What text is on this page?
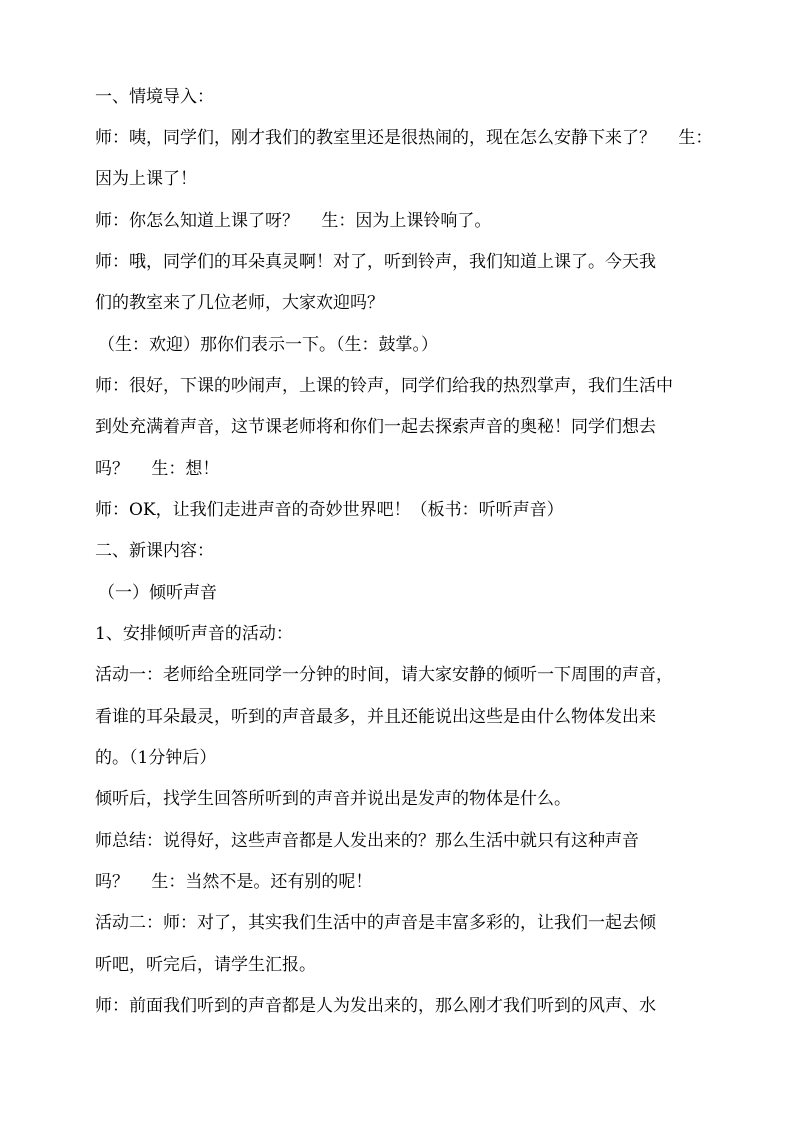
一、情境导入：
师：咦，同学们，刚才我们的教室里还是很热闹的，现在怎么安静下来了？　 生：
因为上课了！
师：你怎么知道上课了呀？　 生：因为上课铃响了。
师：哦，同学们的耳朵真灵啊！对了，听到铃声，我们知道上课了。今天我
们的教室来了几位老师，大家欢迎吗？
（生：欢迎）那你们表示一下。（生：鼓掌。）
师：很好，下课的吵闹声，上课的铃声，同学们给我的热烈掌声，我们生活中
到处充满着声音，这节课老师将和你们一起去探索声音的奥秘！同学们想去
吗？　 生：想！
师：OK，让我们走进声音的奇妙世界吧！（板书：听听声音）
二、新课内容：
（一）倾听声音
1、安排倾听声音的活动：
活动一：老师给全班同学一分钟的时间，请大家安静的倾听一下周围的声音，
看谁的耳朵最灵，听到的声音最多，并且还能说出这些是由什么物体发出来
的。（1分钟后）
倾听后，找学生回答所听到的声音并说出是发声的物体是什么。
师总结：说得好，这些声音都是人发出来的？那么生活中就只有这种声音
吗？　 生：当然不是。还有别的呢！
活动二：师：对了，其实我们生活中的声音是丰富多彩的，让我们一起去倾
听吧，听完后，请学生汇报。
师：前面我们听到的声音都是人为发出来的，那么刚才我们听到的风声、水
